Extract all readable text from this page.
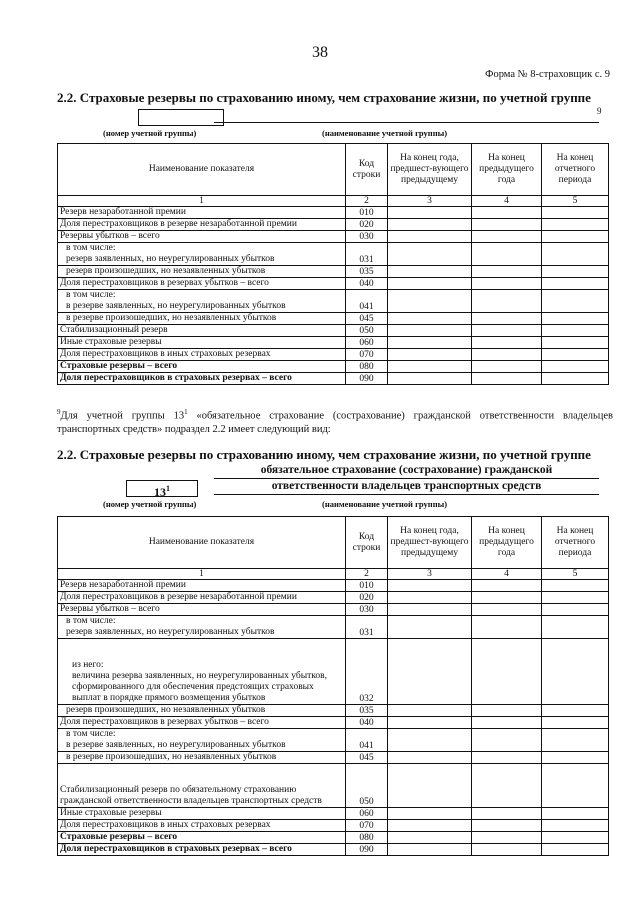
38
Форма № 8-страховщик с. 9
2.2. Страховые резервы по страхованию иному, чем страхование жизни, по учетной группе
9
(номер учетной группы)	(наименование учетной группы)
Наименование показателя	Код строки	На конец года, предшест-вующего предыдущему	На конец предыдущего года	На конец отчетного периода
1	2	3	4	5
Резерв незаработанной премии	010			
Доля перестраховщиков в резерве незаработанной премии	020			
Резервы убытков – всего	030			
в том числе:
резерв заявленных, но неурегулированных убытков	031			
резерв произошедших, но незаявленных убытков	035			
Доля перестраховщиков в резервах убытков – всего	040			
в том числе:
в резерве заявленных, но неурегулированных убытков	041			
в резерве произошедших, но незаявленных убытков	045			
Стабилизационный резерв	050			
Иные страховые резервы	060			
Доля перестраховщиков в иных страховых резервах	070			
Страховые резервы – всего	080			
Доля перестраховщиков в страховых резервах – всего	090			
$^9$Для учетной группы $13^1$ «обязательное страхование (сострахование) гражданской ответственности владельцев транспортных средств» подраздел 2.2 имеет следующий вид:
2.2. Страховые резервы по страхованию иному, чем страхование жизни, по учетной группе
обязательное страхование (сострахование) гражданской
ответственности владельцев транспортных средств
$13^1$
(номер учетной группы)	(наименование учетной группы)
Наименование показателя	Код строки	На конец года, предшест-вующего предыдущему	На конец предыдущего года	На конец отчетного периода
1	2	3	4	5
Резерв незаработанной премии	010			
Доля перестраховщиков в резерве незаработанной премии	020			
Резервы убытков – всего	030			
в том числе:
резерв заявленных, но неурегулированных убытков	031			
из него:
величина резерва заявленных, но неурегулированных убытков, сформированного для обеспечения предстоящих страховых выплат в порядке прямого возмещения убытков	032			
резерв произошедших, но незаявленных убытков	035			
Доля перестраховщиков в резервах убытков – всего	040			
в том числе:
в резерве заявленных, но неурегулированных убытков	041			
в резерве произошедших, но незаявленных убытков	045			
Стабилизационный резерв по обязательному страхованию гражданской ответственности владельцев транспортных средств	050			
Иные страховые резервы	060			
Доля перестраховщиков в иных страховых резервах	070			
Страховые резервы – всего	080			
Доля перестраховщиков в страховых резервах – всего	090			
